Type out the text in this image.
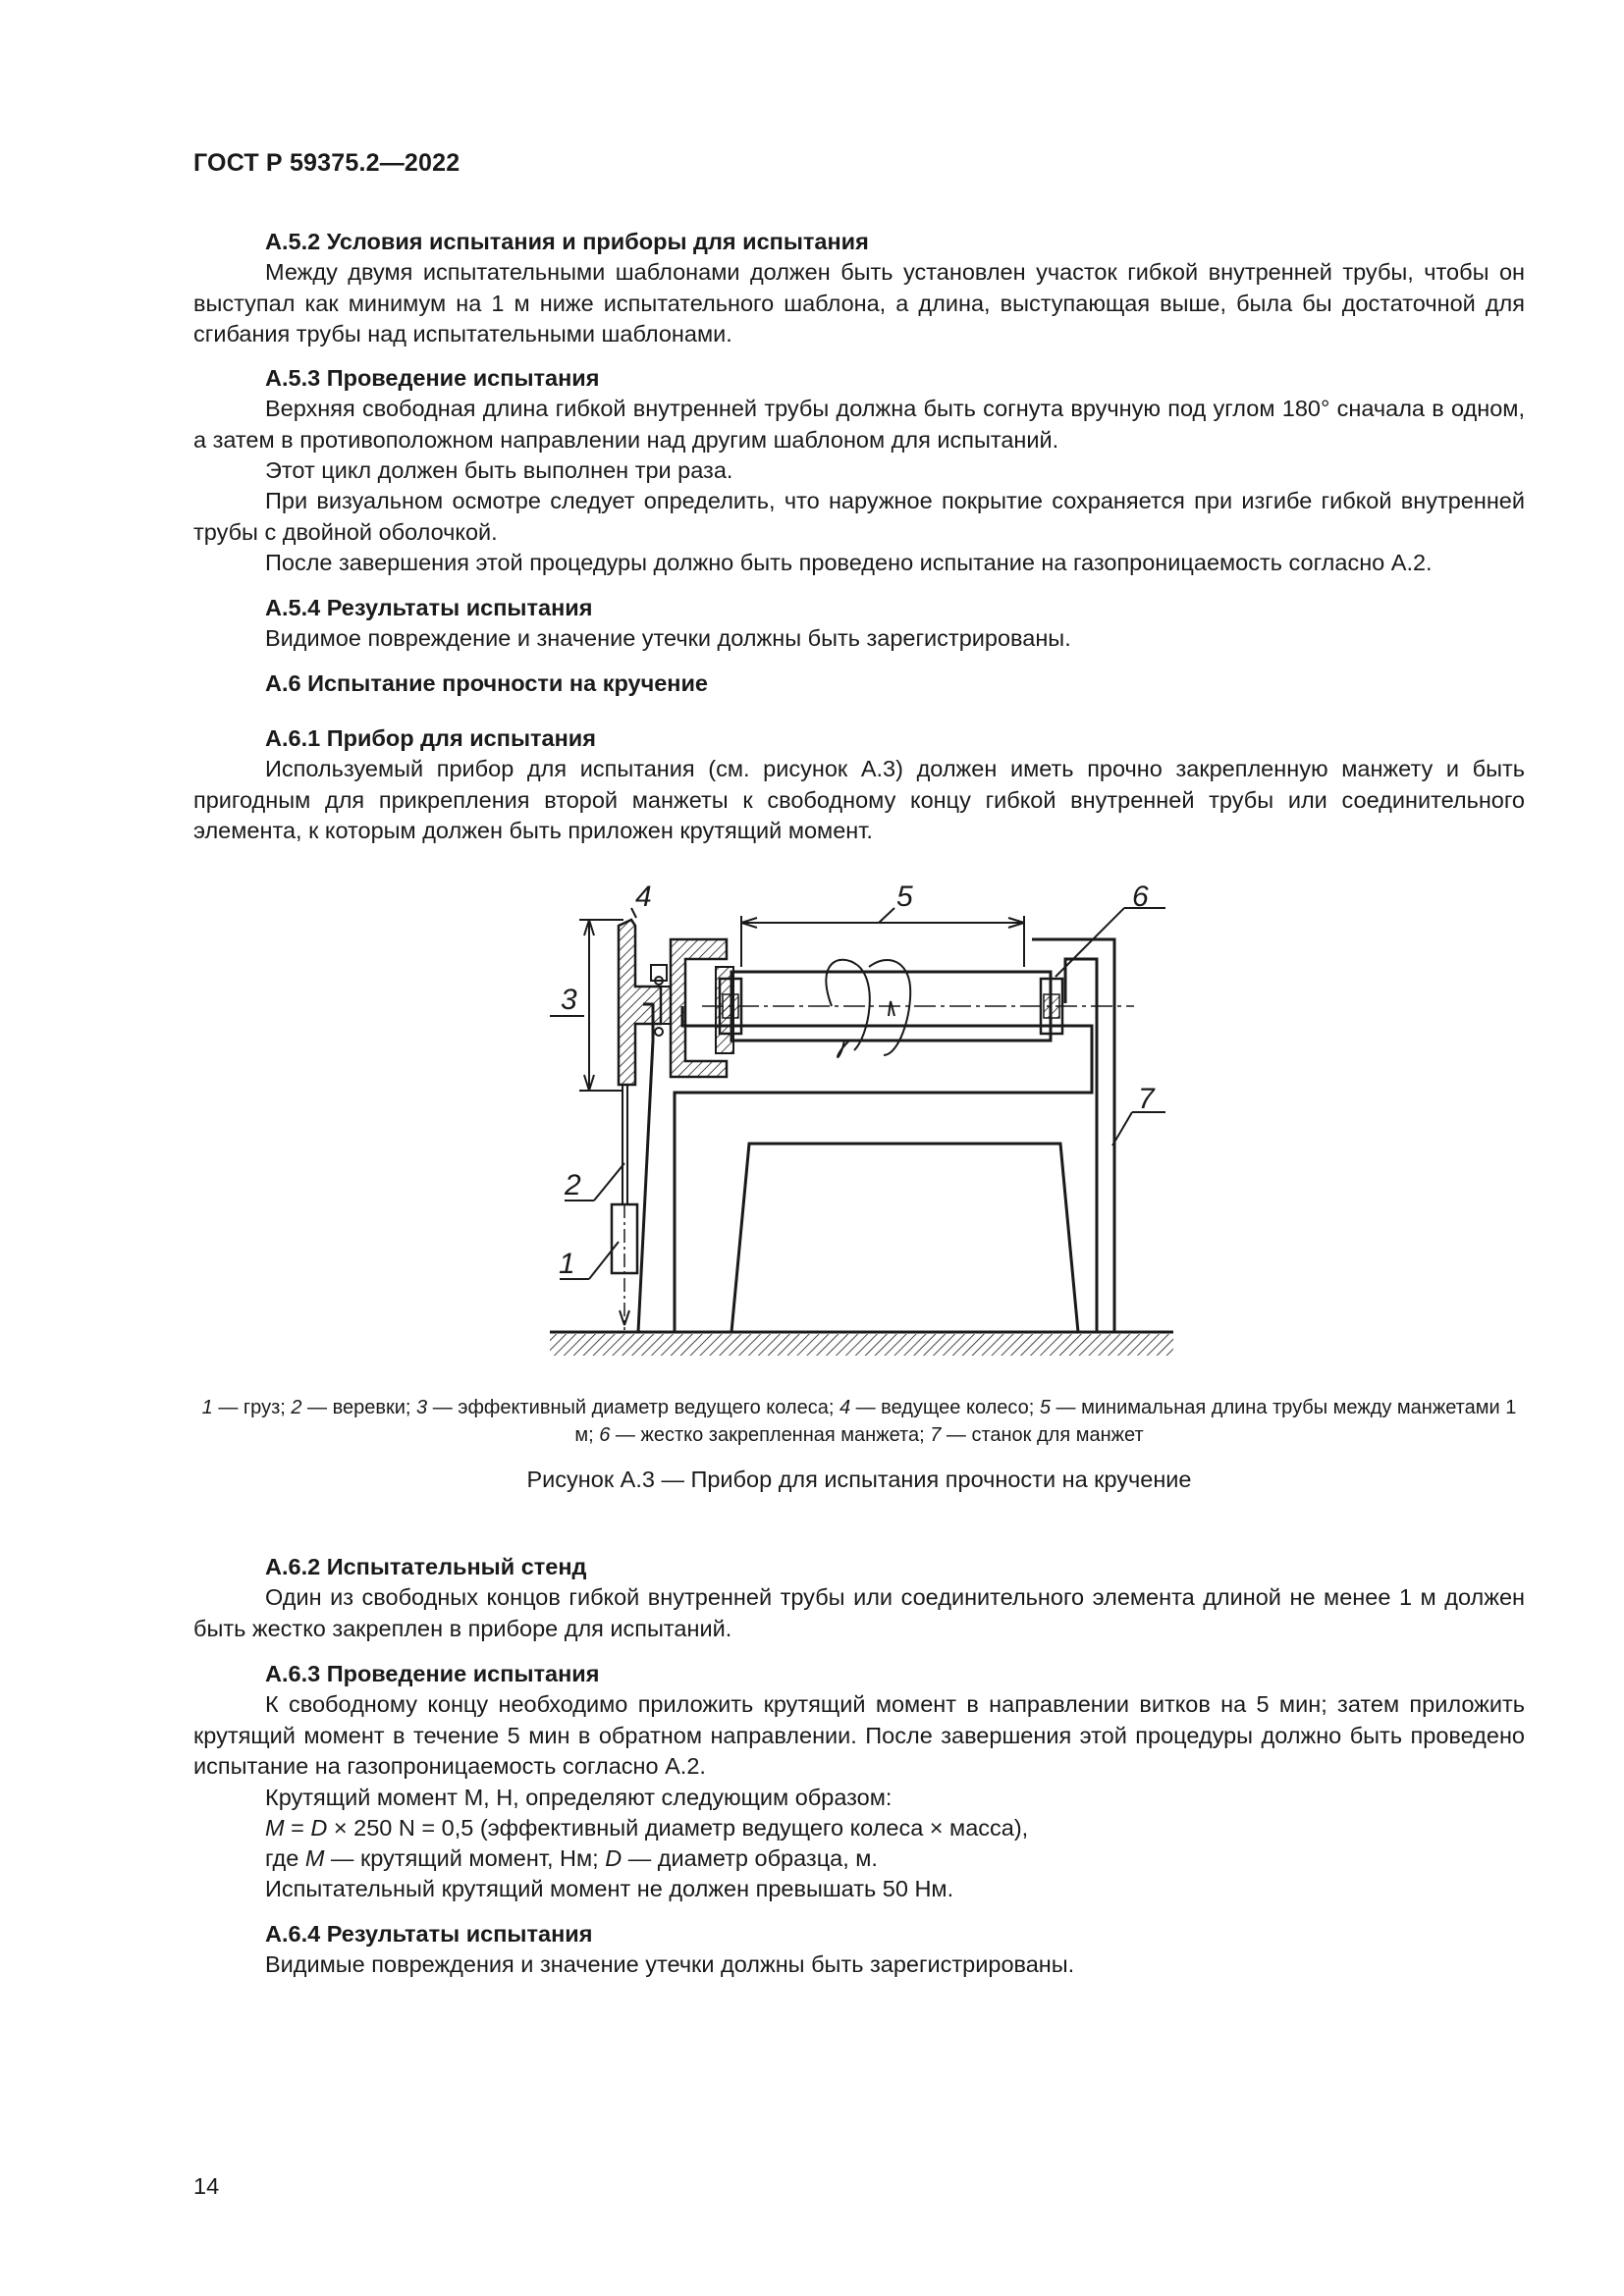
ГОСТ Р 59375.2—2022

А.5.2 Условия испытания и приборы для испытания

Между двумя испытательными шаблонами должен быть установлен участок гибкой внутренней трубы, чтобы он выступал как минимум на 1 м ниже испытательного шаблона, а длина, выступающая выше, была бы достаточной для сгибания трубы над испытательными шаблонами.

А.5.3 Проведение испытания

Верхняя свободная длина гибкой внутренней трубы должна быть согнута вручную под углом 180° сначала в одном, а затем в противоположном направлении над другим шаблоном для испытаний.

Этот цикл должен быть выполнен три раза.

При визуальном осмотре следует определить, что наружное покрытие сохраняется при изгибе гибкой внутренней трубы с двойной оболочкой.

После завершения этой процедуры должно быть проведено испытание на газопроницаемость согласно А.2.

А.5.4 Результаты испытания

Видимое повреждение и значение утечки должны быть зарегистрированы.

А.6 Испытание прочности на кручение

А.6.1 Прибор для испытания

Используемый прибор для испытания (см. рисунок А.3) должен иметь прочно закрепленную манжету и быть пригодным для прикрепления второй манжеты к свободному концу гибкой внутренней трубы или соединительного элемента, к которым должен быть приложен крутящий момент.

3
2
1
4	5	6
7

1 — груз; 2 — веревки; 3 — эффективный диаметр ведущего колеса; 4 — ведущее колесо; 5 — минимальная длина трубы между манжетами 1 м; 6 — жестко закрепленная манжета; 7 — станок для манжет

Рисунок А.3 — Прибор для испытания прочности на кручение

А.6.2 Испытательный стенд

Один из свободных концов гибкой внутренней трубы или соединительного элемента длиной не менее 1 м должен быть жестко закреплен в приборе для испытаний.

А.6.3 Проведение испытания

К свободному концу необходимо приложить крутящий момент в направлении витков на 5 мин; затем приложить крутящий момент в течение 5 мин в обратном направлении. После завершения этой процедуры должно быть проведено испытание на газопроницаемость согласно А.2.

Крутящий момент М, Н, определяют следующим образом:

M = D × 250 N = 0,5 (эффективный диаметр ведущего колеса × масса),

где M — крутящий момент, Нм; D — диаметр образца, м.

Испытательный крутящий момент не должен превышать 50 Нм.

А.6.4 Результаты испытания

Видимые повреждения и значение утечки должны быть зарегистрированы.

14
